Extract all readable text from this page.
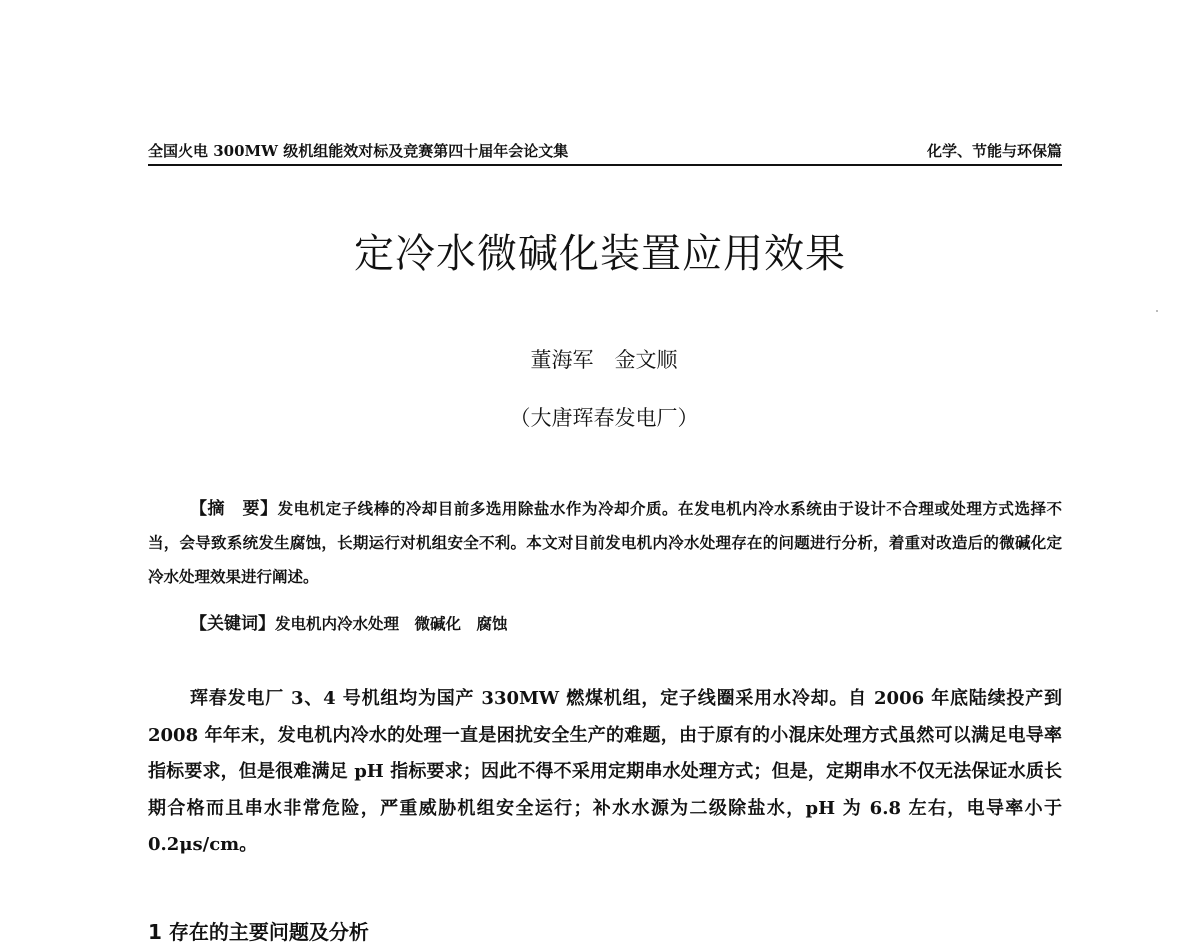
全国火电 300MW 级机组能效对标及竞赛第四十届年会论文集	化学、节能与环保篇
定冷水微碱化装置应用效果
董海军　金文顺
（大唐珲春发电厂）
【摘　要】发电机定子线棒的冷却目前多选用除盐水作为冷却介质。在发电机内冷水系统由于设计不合理或处理方式选择不当，会导致系统发生腐蚀，长期运行对机组安全不利。本文对目前发电机内冷水处理存在的问题进行分析，着重对改造后的微碱化定冷水处理效果进行阐述。
【关键词】发电机内冷水处理　微碱化　腐蚀
珲春发电厂 3、4 号机组均为国产 330MW 燃煤机组，定子线圈采用水冷却。自 2006 年底陆续投产到 2008 年年末，发电机内冷水的处理一直是困扰安全生产的难题，由于原有的小混床处理方式虽然可以满足电导率指标要求，但是很难满足 pH 指标要求；因此不得不采用定期串水处理方式；但是，定期串水不仅无法保证水质长期合格而且串水非常危险，严重威胁机组安全运行；补水水源为二级除盐水，pH 为 6.8 左右，电导率小于 0.2μs/cm。
1 存在的主要问题及分析
